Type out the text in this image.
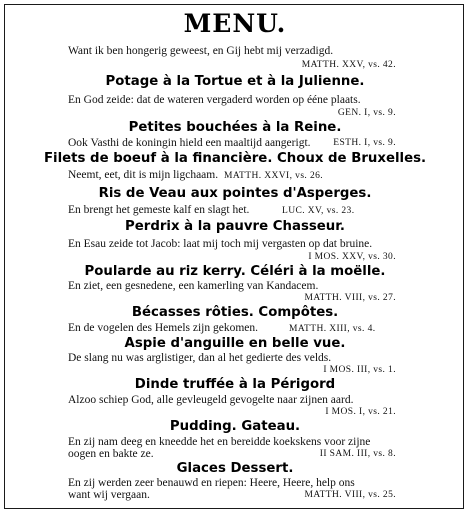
MENU.
Want ik ben hongerig geweest, en Gij hebt mij verzadigd.
MATTH. XXV, vs. 42.
Potage à la Tortue et à la Julienne.
En God zeide: dat de wateren vergaderd worden op ééne plaats.
GEN. I, vs. 9.
Petites bouchées à la Reine.
Ook Vasthi de koningin hield een maaltijd aangerigt.	ESTH. I, vs. 9.
Filets de boeuf à la financière. Choux de Bruxelles.
Neemt, eet, dit is mijn ligchaam. MATTH. XXVI, vs. 26.
Ris de Veau aux pointes d'Asperges.
En brengt het gemeste kalf en slagt het.	LUC. XV, vs. 23.
Perdrix à la pauvre Chasseur.
En Esau zeide tot Jacob: laat mij toch mij vergasten op dat bruine.
I MOS. XXV, vs. 30.
Poularde au riz kerry. Céléri à la moëlle.
En ziet, een gesnedene, een kamerling van Kandacem.
MATTH. VIII, vs. 27.
Bécasses rôties. Compôtes.
En de vogelen des Hemels zijn gekomen.	MATTH. XIII, vs. 4.
Aspie d'anguille en belle vue.
De slang nu was arglistiger, dan al het gedierte des velds.
I MOS. III, vs. 1.
Dinde truffée à la Périgord
Alzoo schiep God, alle gevleugeld gevogelte naar zijnen aard.
I MOS. I, vs. 21.
Pudding. Gateau.
En zij nam deeg en kneedde het en bereidde koekskens voor zijne
oogen en bakte ze.	II SAM. III, vs. 8.
Glaces Dessert.
En zij werden zeer benauwd en riepen: Heere, Heere, help ons
want wij vergaan.	MATTH. VIII, vs. 25.
